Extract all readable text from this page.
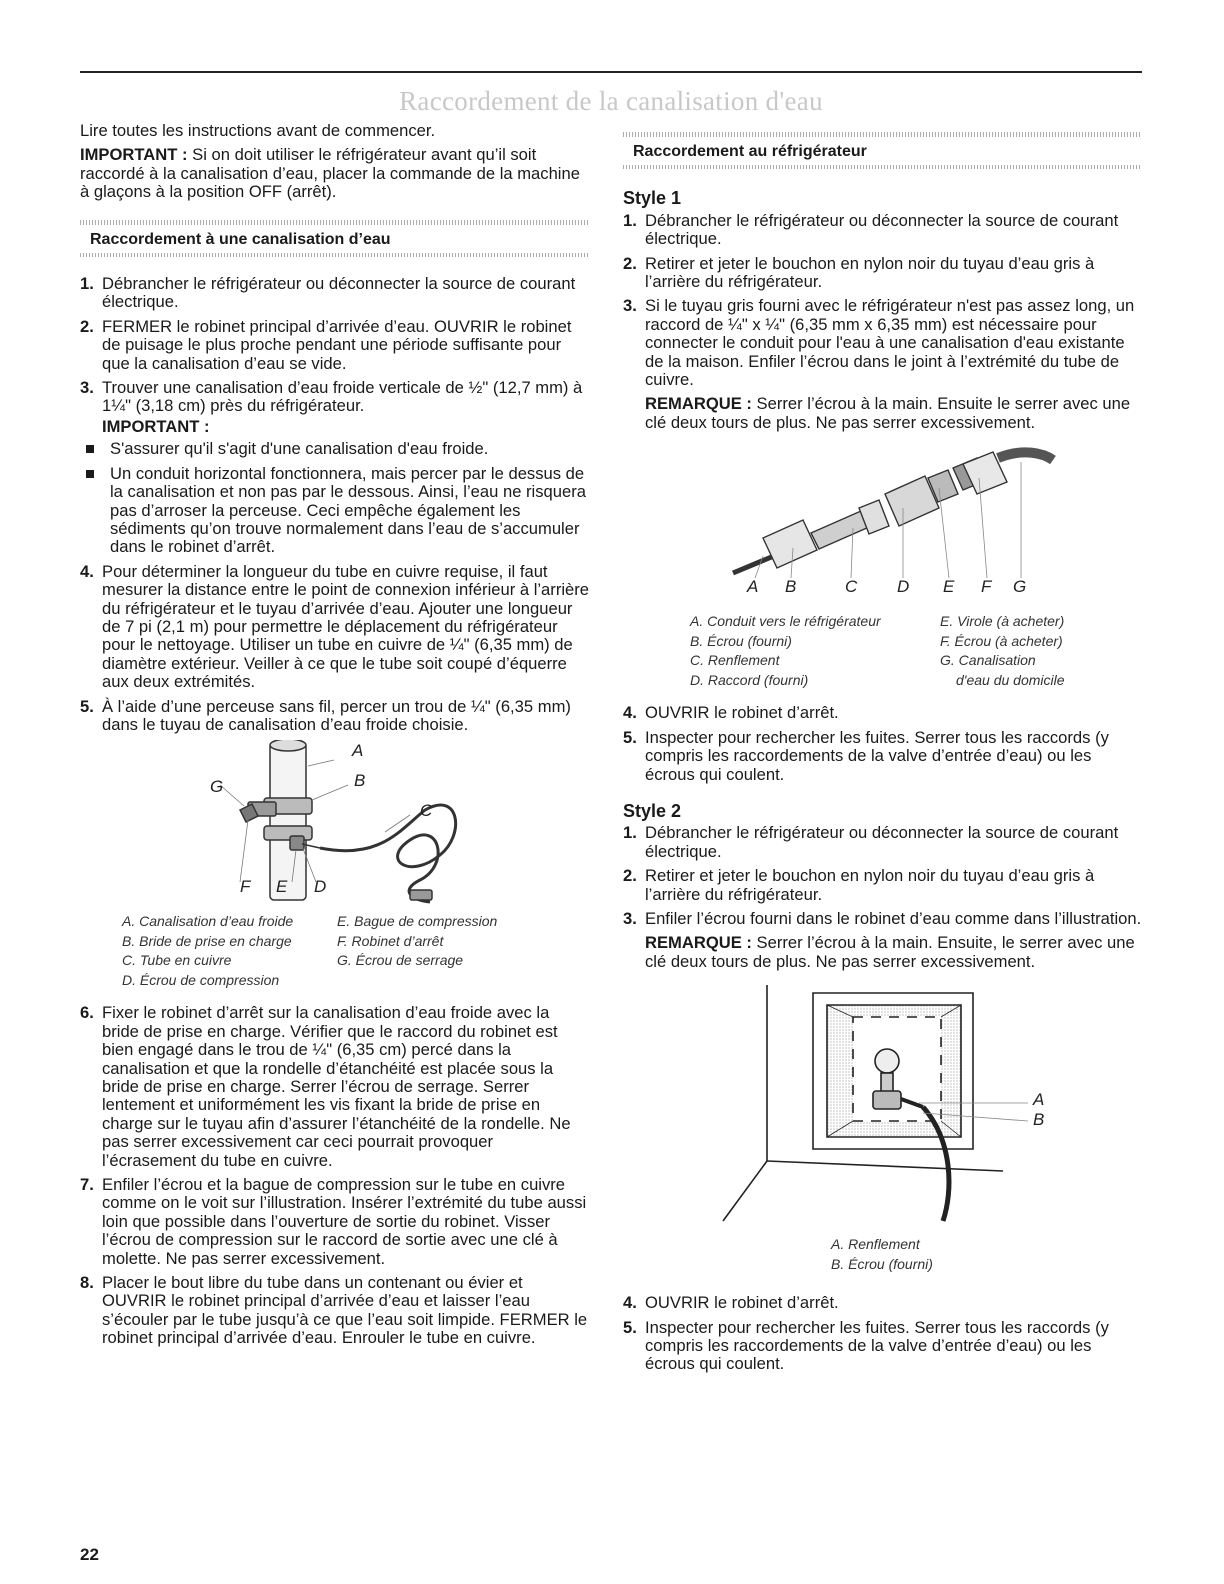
Raccordement de la canalisation d'eau

Lire toutes les instructions avant de commencer.

IMPORTANT : Si on doit utiliser le réfrigérateur avant qu’il soit raccordé à la canalisation d’eau, placer la commande de la machine à glaçons à la position OFF (arrêt).

Raccordement à une canalisation d’eau
1. Débrancher le réfrigérateur ou déconnecter la source de courant électrique.
2. FERMER le robinet principal d’arrivée d’eau. OUVRIR le robinet de puisage le plus proche pendant une période suffisante pour que la canalisation d’eau se vide.
3. Trouver une canalisation d’eau froide verticale de ½" (12,7 mm) à 1¼" (3,18 cm) près du réfrigérateur.
IMPORTANT :
S'assurer qu'il s'agit d'une canalisation d'eau froide.
Un conduit horizontal fonctionnera, mais percer par le dessus de la canalisation et non pas par le dessous. Ainsi, l’eau ne risquera pas d’arroser la perceuse. Ceci empêche également les sédiments qu’on trouve normalement dans l’eau de s’accumuler dans le robinet d’arrêt.
4. Pour déterminer la longueur du tube en cuivre requise, il faut mesurer la distance entre le point de connexion inférieur à l’arrière du réfrigérateur et le tuyau d’arrivée d’eau. Ajouter une longueur de 7 pi (2,1 m) pour permettre le déplacement du réfrigérateur pour le nettoyage. Utiliser un tube en cuivre de ¼" (6,35 mm) de diamètre extérieur. Veiller à ce que le tube soit coupé d’équerre aux deux extrémités.
5. À l’aide d’une perceuse sans fil, percer un trou de ¼" (6,35 mm) dans le tuyau de canalisation d’eau froide choisie.
A
B
C
D
E
F
G
A. Canalisation d’eau froide	E. Bague de compression
B. Bride de prise en charge	F. Robinet d’arrêt
C. Tube en cuivre	G. Écrou de serrage
D. Écrou de compression
6. Fixer le robinet d’arrêt sur la canalisation d’eau froide avec la bride de prise en charge. Vérifier que le raccord du robinet est bien engagé dans le trou de ¼" (6,35 cm) percé dans la canalisation et que la rondelle d’étanchéité est placée sous la bride de prise en charge. Serrer l’écrou de serrage. Serrer lentement et uniformément les vis fixant la bride de prise en charge sur le tuyau afin d’assurer l’étanchéité de la rondelle. Ne pas serrer excessivement car ceci pourrait provoquer l’écrasement du tube en cuivre.
7. Enfiler l’écrou et la bague de compression sur le tube en cuivre comme on le voit sur l’illustration. Insérer l’extrémité du tube aussi loin que possible dans l’ouverture de sortie du robinet. Visser l’écrou de compression sur le raccord de sortie avec une clé à molette. Ne pas serrer excessivement.
8. Placer le bout libre du tube dans un contenant ou évier et OUVRIR le robinet principal d’arrivée d’eau et laisser l’eau s’écouler par le tube jusqu’à ce que l’eau soit limpide. FERMER le robinet principal d’arrivée d’eau. Enrouler le tube en cuivre.
Raccordement au réfrigérateur
Style 1
1. Débrancher le réfrigérateur ou déconnecter la source de courant électrique.
2. Retirer et jeter le bouchon en nylon noir du tuyau d’eau gris à l’arrière du réfrigérateur.
3. Si le tuyau gris fourni avec le réfrigérateur n'est pas assez long, un raccord de ¼" x ¼" (6,35 mm x 6,35 mm) est nécessaire pour connecter le conduit pour l'eau à une canalisation d'eau existante de la maison. Enfiler l’écrou dans le joint à l’extrémité du tube de cuivre.

REMARQUE : Serrer l’écrou à la main. Ensuite le serrer avec une clé deux tours de plus. Ne pas serrer excessivement.

A B	C D E F G
A. Conduit vers le réfrigérateur	E. Virole (à acheter)
B. Écrou (fourni)	F. Écrou (à acheter)
C. Renflement	G. Canalisation
D. Raccord (fourni)	d'eau du domicile
4. OUVRIR le robinet d’arrêt.
5. Inspecter pour rechercher les fuites. Serrer tous les raccords (y compris les raccordements de la valve d’entrée d’eau) ou les écrous qui coulent.
Style 2
1. Débrancher le réfrigérateur ou déconnecter la source de courant électrique.
2. Retirer et jeter le bouchon en nylon noir du tuyau d’eau gris à l’arrière du réfrigérateur.
3. Enfiler l’écrou fourni dans le robinet d’eau comme dans l’illustration.

REMARQUE : Serrer l’écrou à la main. Ensuite, le serrer avec une clé deux tours de plus. Ne pas serrer excessivement.

A
B
A. Renflement
B. Écrou (fourni)
4. OUVRIR le robinet d’arrêt.
5. Inspecter pour rechercher les fuites. Serrer tous les raccords (y compris les raccordements de la valve d’entrée d’eau) ou les écrous qui coulent.
22
